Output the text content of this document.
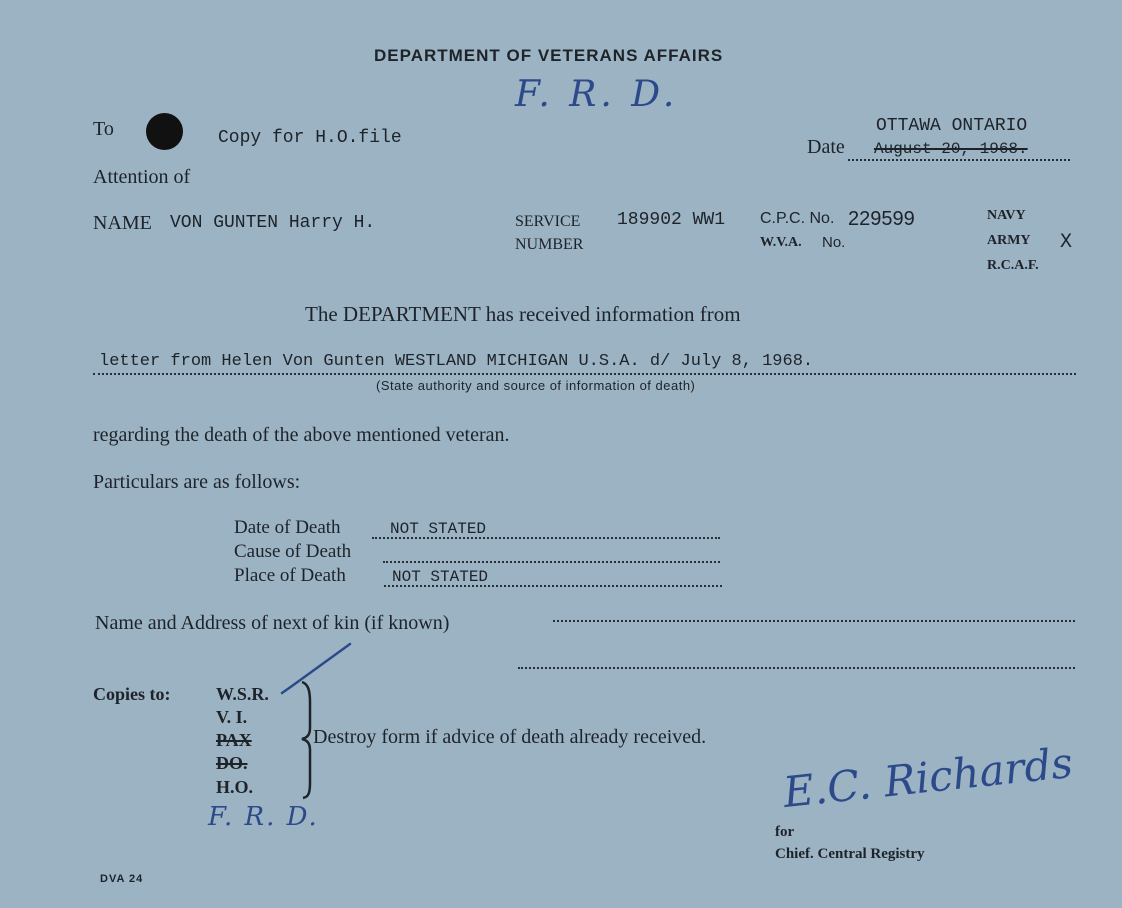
DEPARTMENT OF VETERANS AFFAIRS
F. R. D.
To	Copy for H.O.file
OTTAWA ONTARIO
Date	August 20, 1968.
Attention of
NAME VON GUNTEN Harry H.	SERVICE
NUMBER
189902 WW1 C.P.C. No. 229599
W.V.A. No.
NAVY
ARMY X
R.C.A.F.
The DEPARTMENT has received information from
letter from Helen Von Gunten WESTLAND MICHIGAN U.S.A. d/ July 8, 1968.
(State authority and source of information of death)
regarding the death of the above mentioned veteran.
Particulars are as follows:
Date of Death	NOT STATED
Cause of Death
Place of Death	NOT STATED
Name and Address of next of kin (if known)
Copies to:	W.S.R.
V. I.
PAX
DO.
H.O.
Destroy form if advice of death already received.
F. R. D.	E.C. Richards
for
Chief. Central Registry
DVA 24
